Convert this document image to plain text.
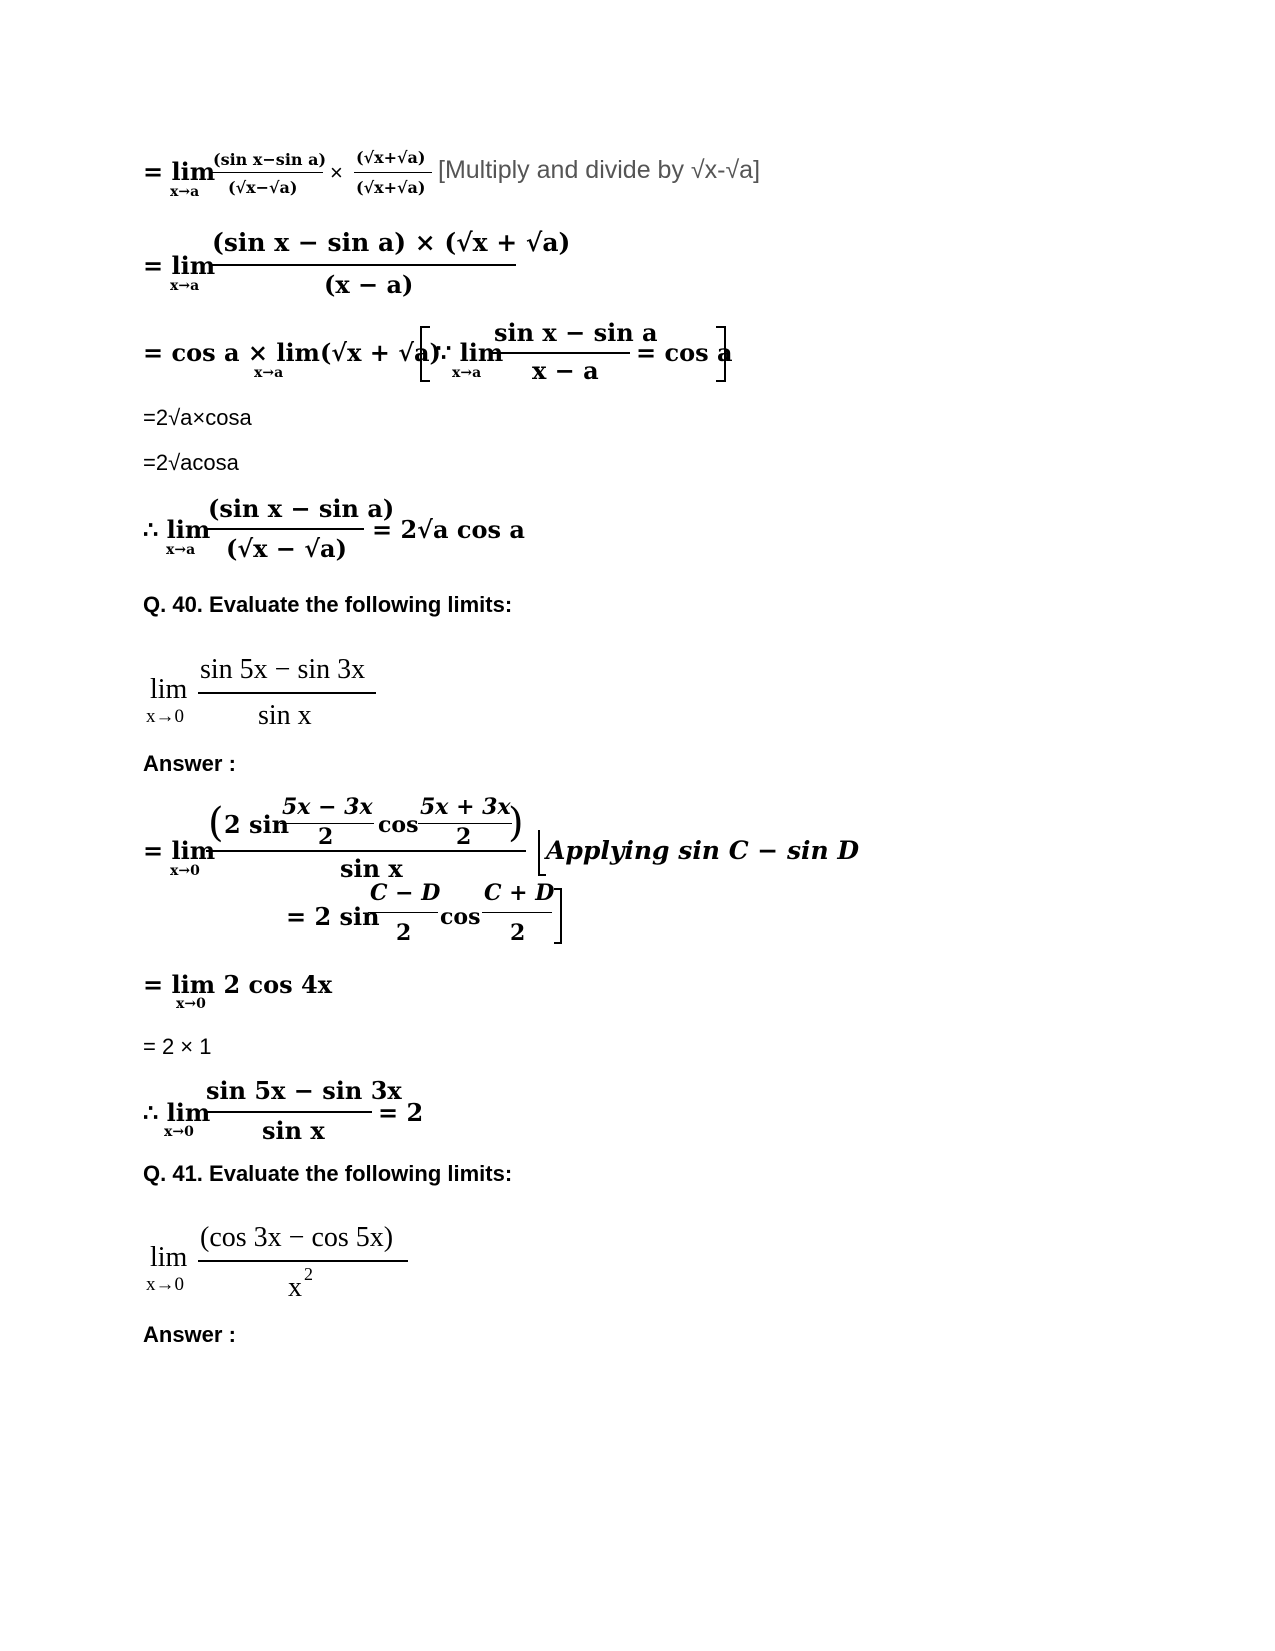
= lim
x→a
(sin x−sin a)
(√x−√a)
×
(√x+√a)
(√x+√a)
[Multiply and divide by √x-√a]
= lim
x→a
(sin x − sin a) × (√x + √a)
(x − a)
= cos a × lim(√x + √a)
x→a
∵ lim
x→a
sin x − sin a
x − a
= cos a
=2√a×cosa
=2√acosa
∴ lim
x→a
(sin x − sin a)
(√x − √a)
= 2√a cos a
Q. 40. Evaluate the following limits:
lim
x→0
sin 5x − sin 3x
sin x
Answer :
= lim
x→0
( 2 sin
5x − 3x
2 cos
5x + 3x
2 )
sin x
Applying sin C − sin D
= 2 sin
C − D
2
cos
C + D
2
= lim 2 cos 4x
x→0
= 2 × 1
∴ lim
x→0
sin 5x − sin 3x
sin x
= 2
Q. 41. Evaluate the following limits:
lim
x→0
(cos 3x − cos 5x)
x 2
Answer :
